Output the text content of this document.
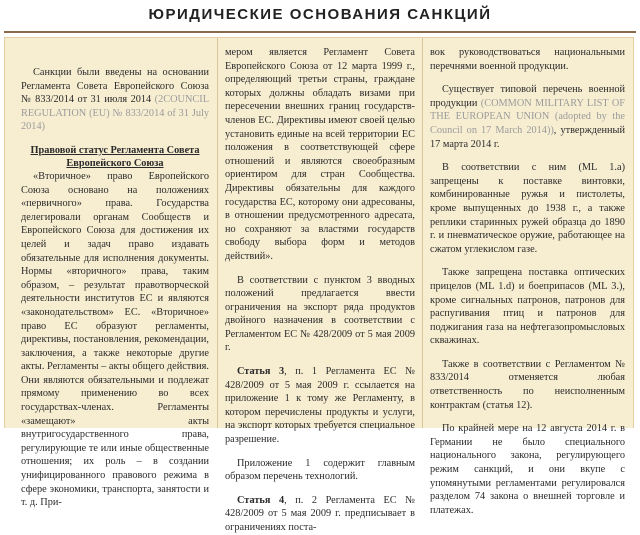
ЮРИДИЧЕСКИЕ ОСНОВАНИЯ САНКЦИЙ

Санкции были введены на основании Регламента Совета Европейского Союза № 833/2014 от 31 июля 2014 (2COUNCIL REGULATION (EU) № 833/2014 of 31 July 2014)

Правовой статус Регламента Совета Европейского Союза

«Вторичное» право Европейского Союза основано на положениях «первичного» права. Государства делегировали органам Сообществ и Европейского Союза для достижения их целей и задач право издавать обязательные для исполнения документы. Нормы «вторичного» права, таким образом, – результат правотворческой деятельности институтов ЕС и являются «законодательством» ЕС. «Вторичное» право ЕС образуют регламенты, директивы, постановления, рекомендации, заключения, а также некоторые другие акты. Регламенты – акты общего действия. Они являются обязательными и подлежат прямому применению во всех государствах-членах. Регламенты «замещают» акты внутригосударственного права, регулирующие те или иные общественные отношения; их роль – в создании унифицированного правового режима в сфере экономики, транспорта, занятости и т. д. При-

мером является Регламент Совета Европейского Союза от 12 марта 1999 г., определяющий третьи страны, граждане которых должны обладать визами при пересечении внешних границ государств-членов ЕС. Директивы имеют своей целью установить единые на всей территории ЕС положения в соответствующей сфере отношений и являются своеобразным ориентиром для стран Сообщества. Директивы обязательны для каждого государства ЕС, которому они адресованы, в отношении предусмотренного адресата, но сохраняют за властями государств свободу выбора форм и методов действий».

В соответствии с пунктом 3 вводных положений предлагается ввести ограничения на экспорт ряда продуктов двойного назначения в соответствии с Регламентом ЕС № 428/2009 от 5 мая 2009 г.

Статья 3, п. 1 Регламента ЕС № 428/2009 от 5 мая 2009 г. ссылается на приложение 1 к тому же Регламенту, в котором перечислены продукты и услуги, на экспорт которых требуется специальное разрешение.

Приложение 1 содержит главным образом перечень технологий.

Статья 4, п. 2 Регламента ЕС № 428/2009 от 5 мая 2009 г. предписывает в ограничениях поста-

вок руководствоваться национальными перечнями военной продукции.

Существует типовой перечень военной продукции (COMMON MILITARY LIST OF THE EUROPEAN UNION (adopted by the Council on 17 March 2014)), утвержденный 17 марта 2014 г.

В соответствии с ним (ML 1.a) запрещены к поставке винтовки, комбинированные ружья и пистолеты, кроме выпущенных до 1938 г., а также реплики старинных ружей образца до 1890 г. и пневматическое оружие, работающее на сжатом углекислом газе.

Также запрещена поставка оптических прицелов (ML 1.d) и боеприпасов (ML 3.), кроме сигнальных патронов, патронов для распугивания птиц и патронов для поджигания газа на нефтегазопромысловых скважинах.

Также в соответствии с Регламентом № 833/2014 отменяется любая ответственность по неисполненным контрактам (статья 12).

По крайней мере на 12 августа 2014 г. в Германии не было специального национального закона, регулирующего режим санкций, и они вкупе с упомянутыми регламентами регулировался разделом 74 закона о внешней торговле и платежах.
